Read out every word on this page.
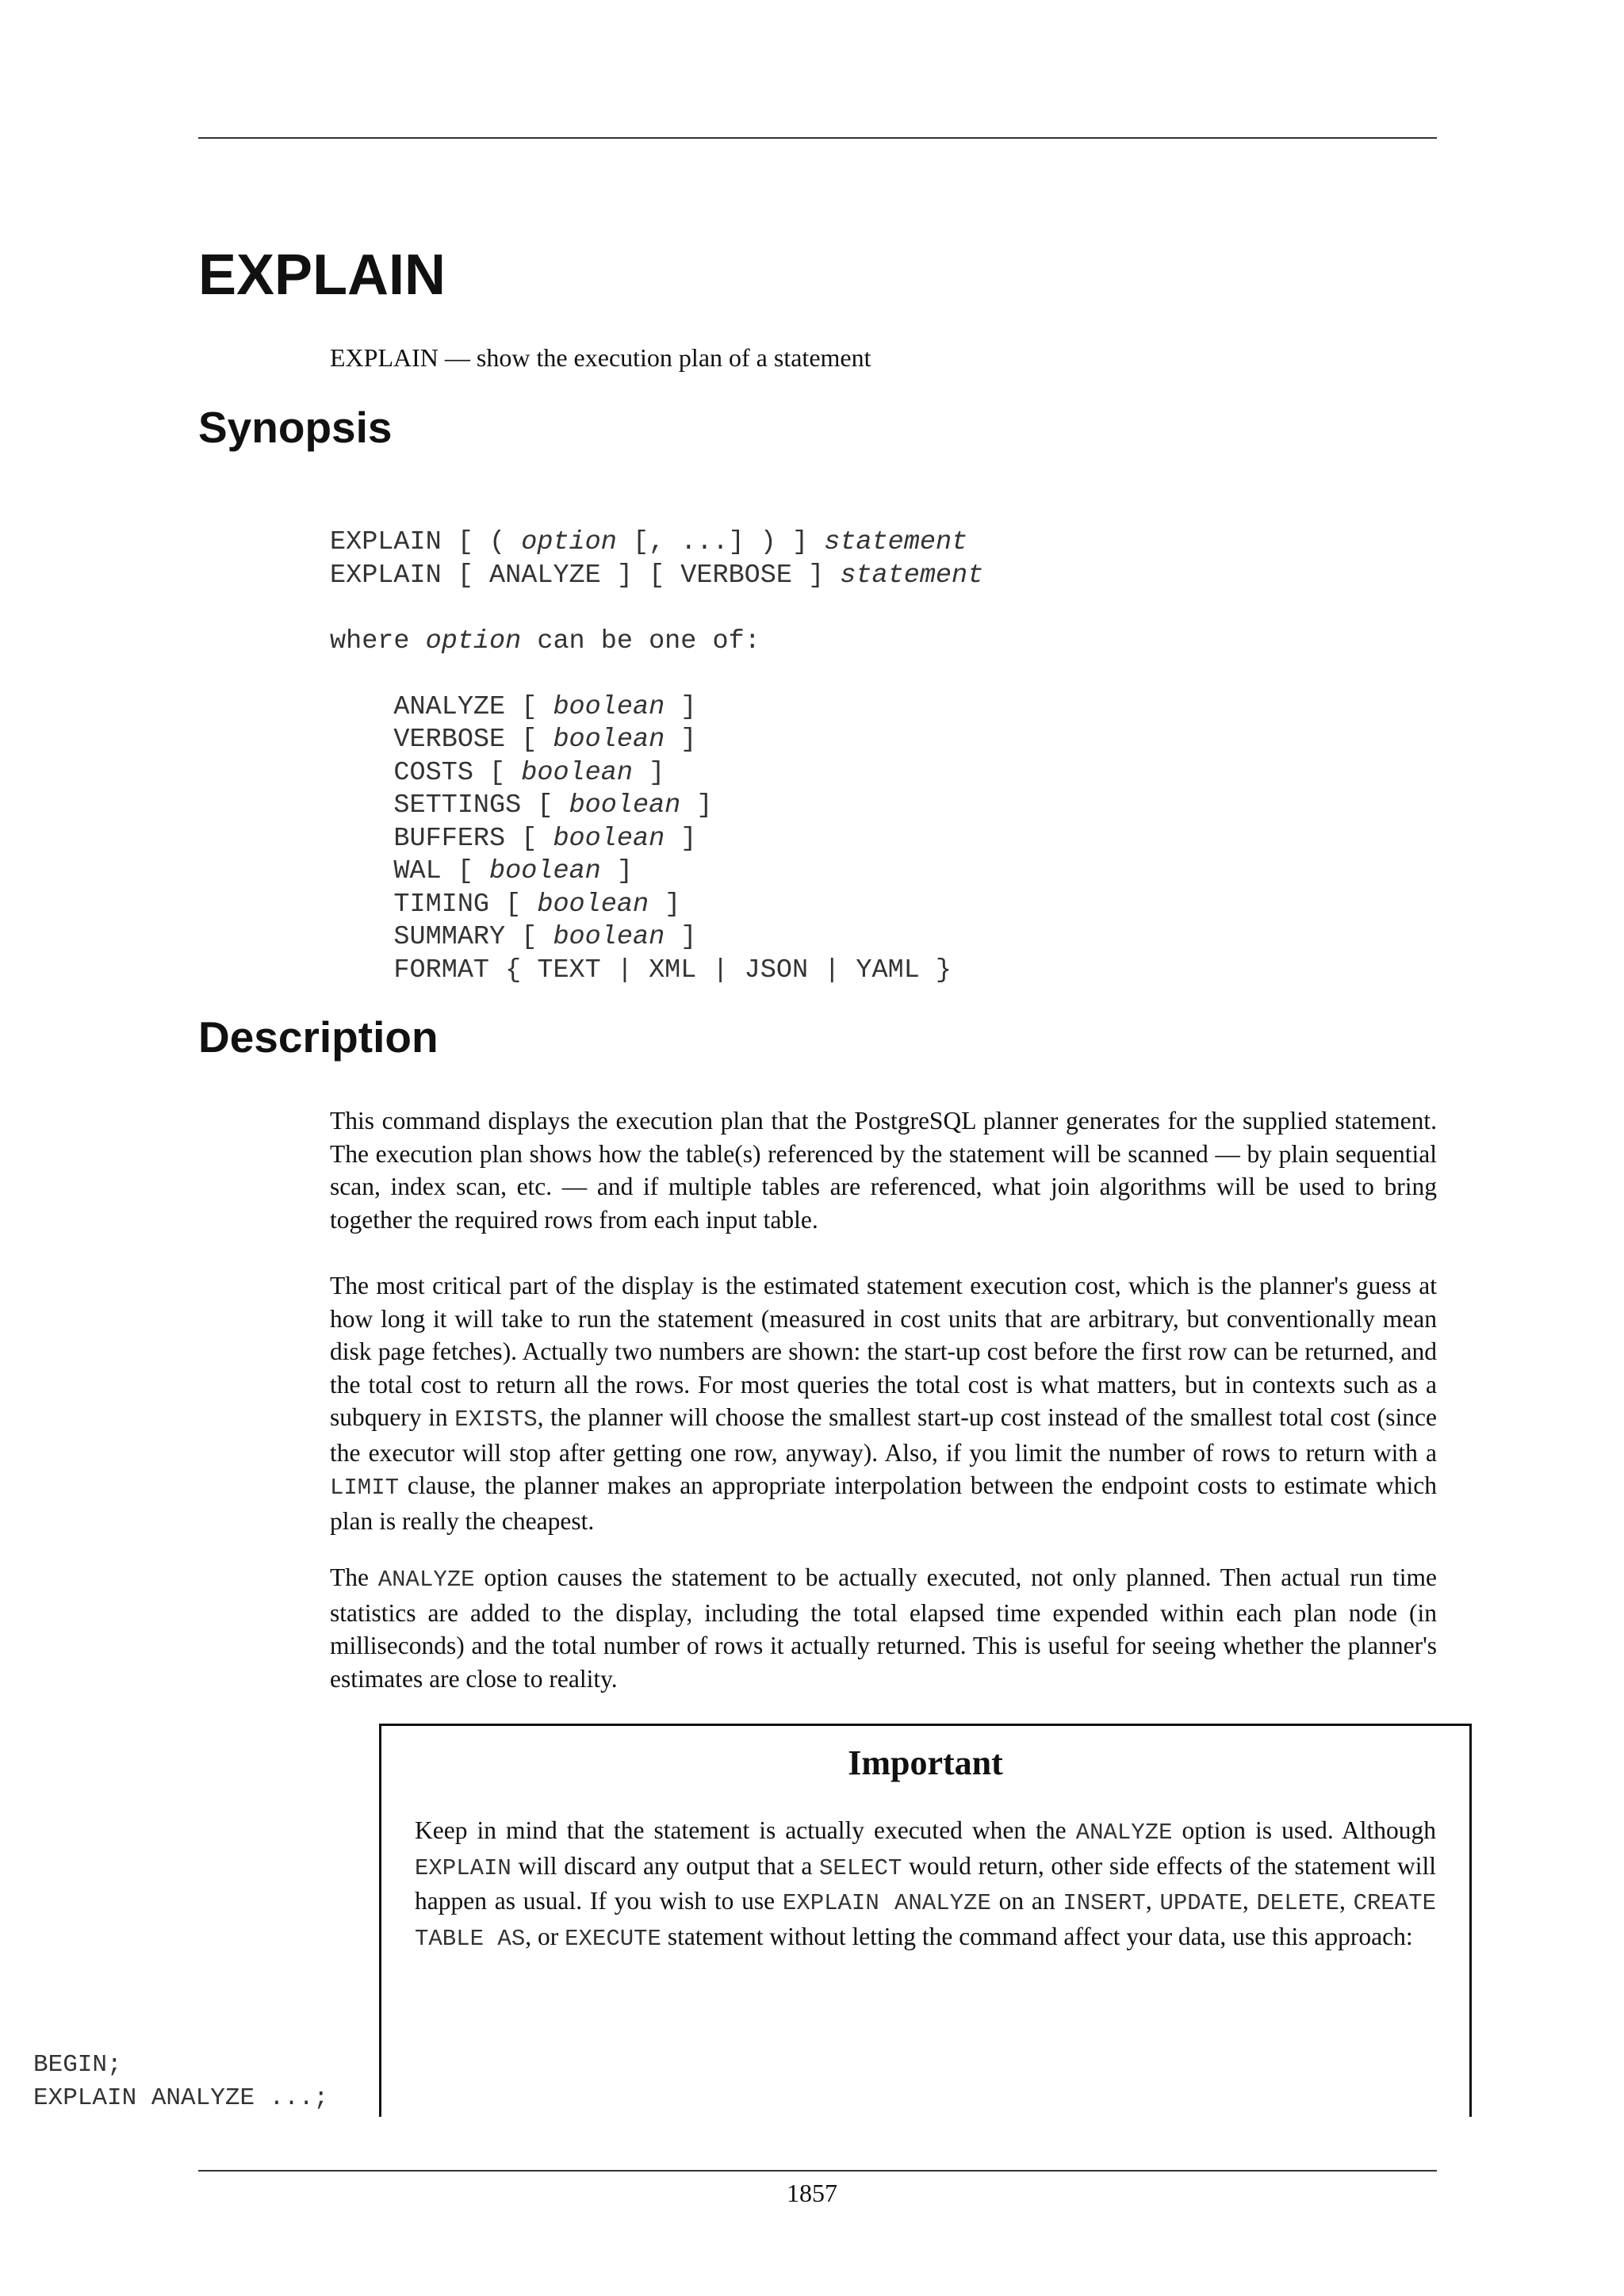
EXPLAIN
EXPLAIN — show the execution plan of a statement
Synopsis
EXPLAIN [ ( option [, ...] ) ] statement
EXPLAIN [ ANALYZE ] [ VERBOSE ] statement

where option can be one of:

ANALYZE [ boolean ]
VERBOSE [ boolean ]
COSTS [ boolean ]
SETTINGS [ boolean ]
BUFFERS [ boolean ]
WAL [ boolean ]
TIMING [ boolean ]
SUMMARY [ boolean ]
FORMAT { TEXT | XML | JSON | YAML }
Description

This command displays the execution plan that the PostgreSQL planner generates for the supplied statement. The execution plan shows how the table(s) referenced by the statement will be scanned — by plain sequential scan, index scan, etc. — and if multiple tables are referenced, what join algorithms will be used to bring together the required rows from each input table.

The most critical part of the display is the estimated statement execution cost, which is the planner's guess at how long it will take to run the statement (measured in cost units that are arbitrary, but conventionally mean disk page fetches). Actually two numbers are shown: the start-up cost before the first row can be returned, and the total cost to return all the rows. For most queries the total cost is what matters, but in contexts such as a subquery in EXISTS, the planner will choose the smallest start-up cost instead of the smallest total cost (since the executor will stop after getting one row, anyway). Also, if you limit the number of rows to return with a LIMIT clause, the planner makes an appropriate interpolation between the endpoint costs to estimate which plan is really the cheapest.

The ANALYZE option causes the statement to be actually executed, not only planned. Then actual run time statistics are added to the display, including the total elapsed time expended within each plan node (in milliseconds) and the total number of rows it actually returned. This is useful for seeing whether the planner's estimates are close to reality.

Important

Keep in mind that the statement is actually executed when the ANALYZE option is used. Although EXPLAIN will discard any output that a SELECT would return, other side effects of the statement will happen as usual. If you wish to use EXPLAIN ANALYZE on an INSERT, UPDATE, DELETE, CREATE TABLE AS, or EXECUTE statement without letting the command affect your data, use this approach:

BEGIN;
EXPLAIN ANALYZE ...;
1857
